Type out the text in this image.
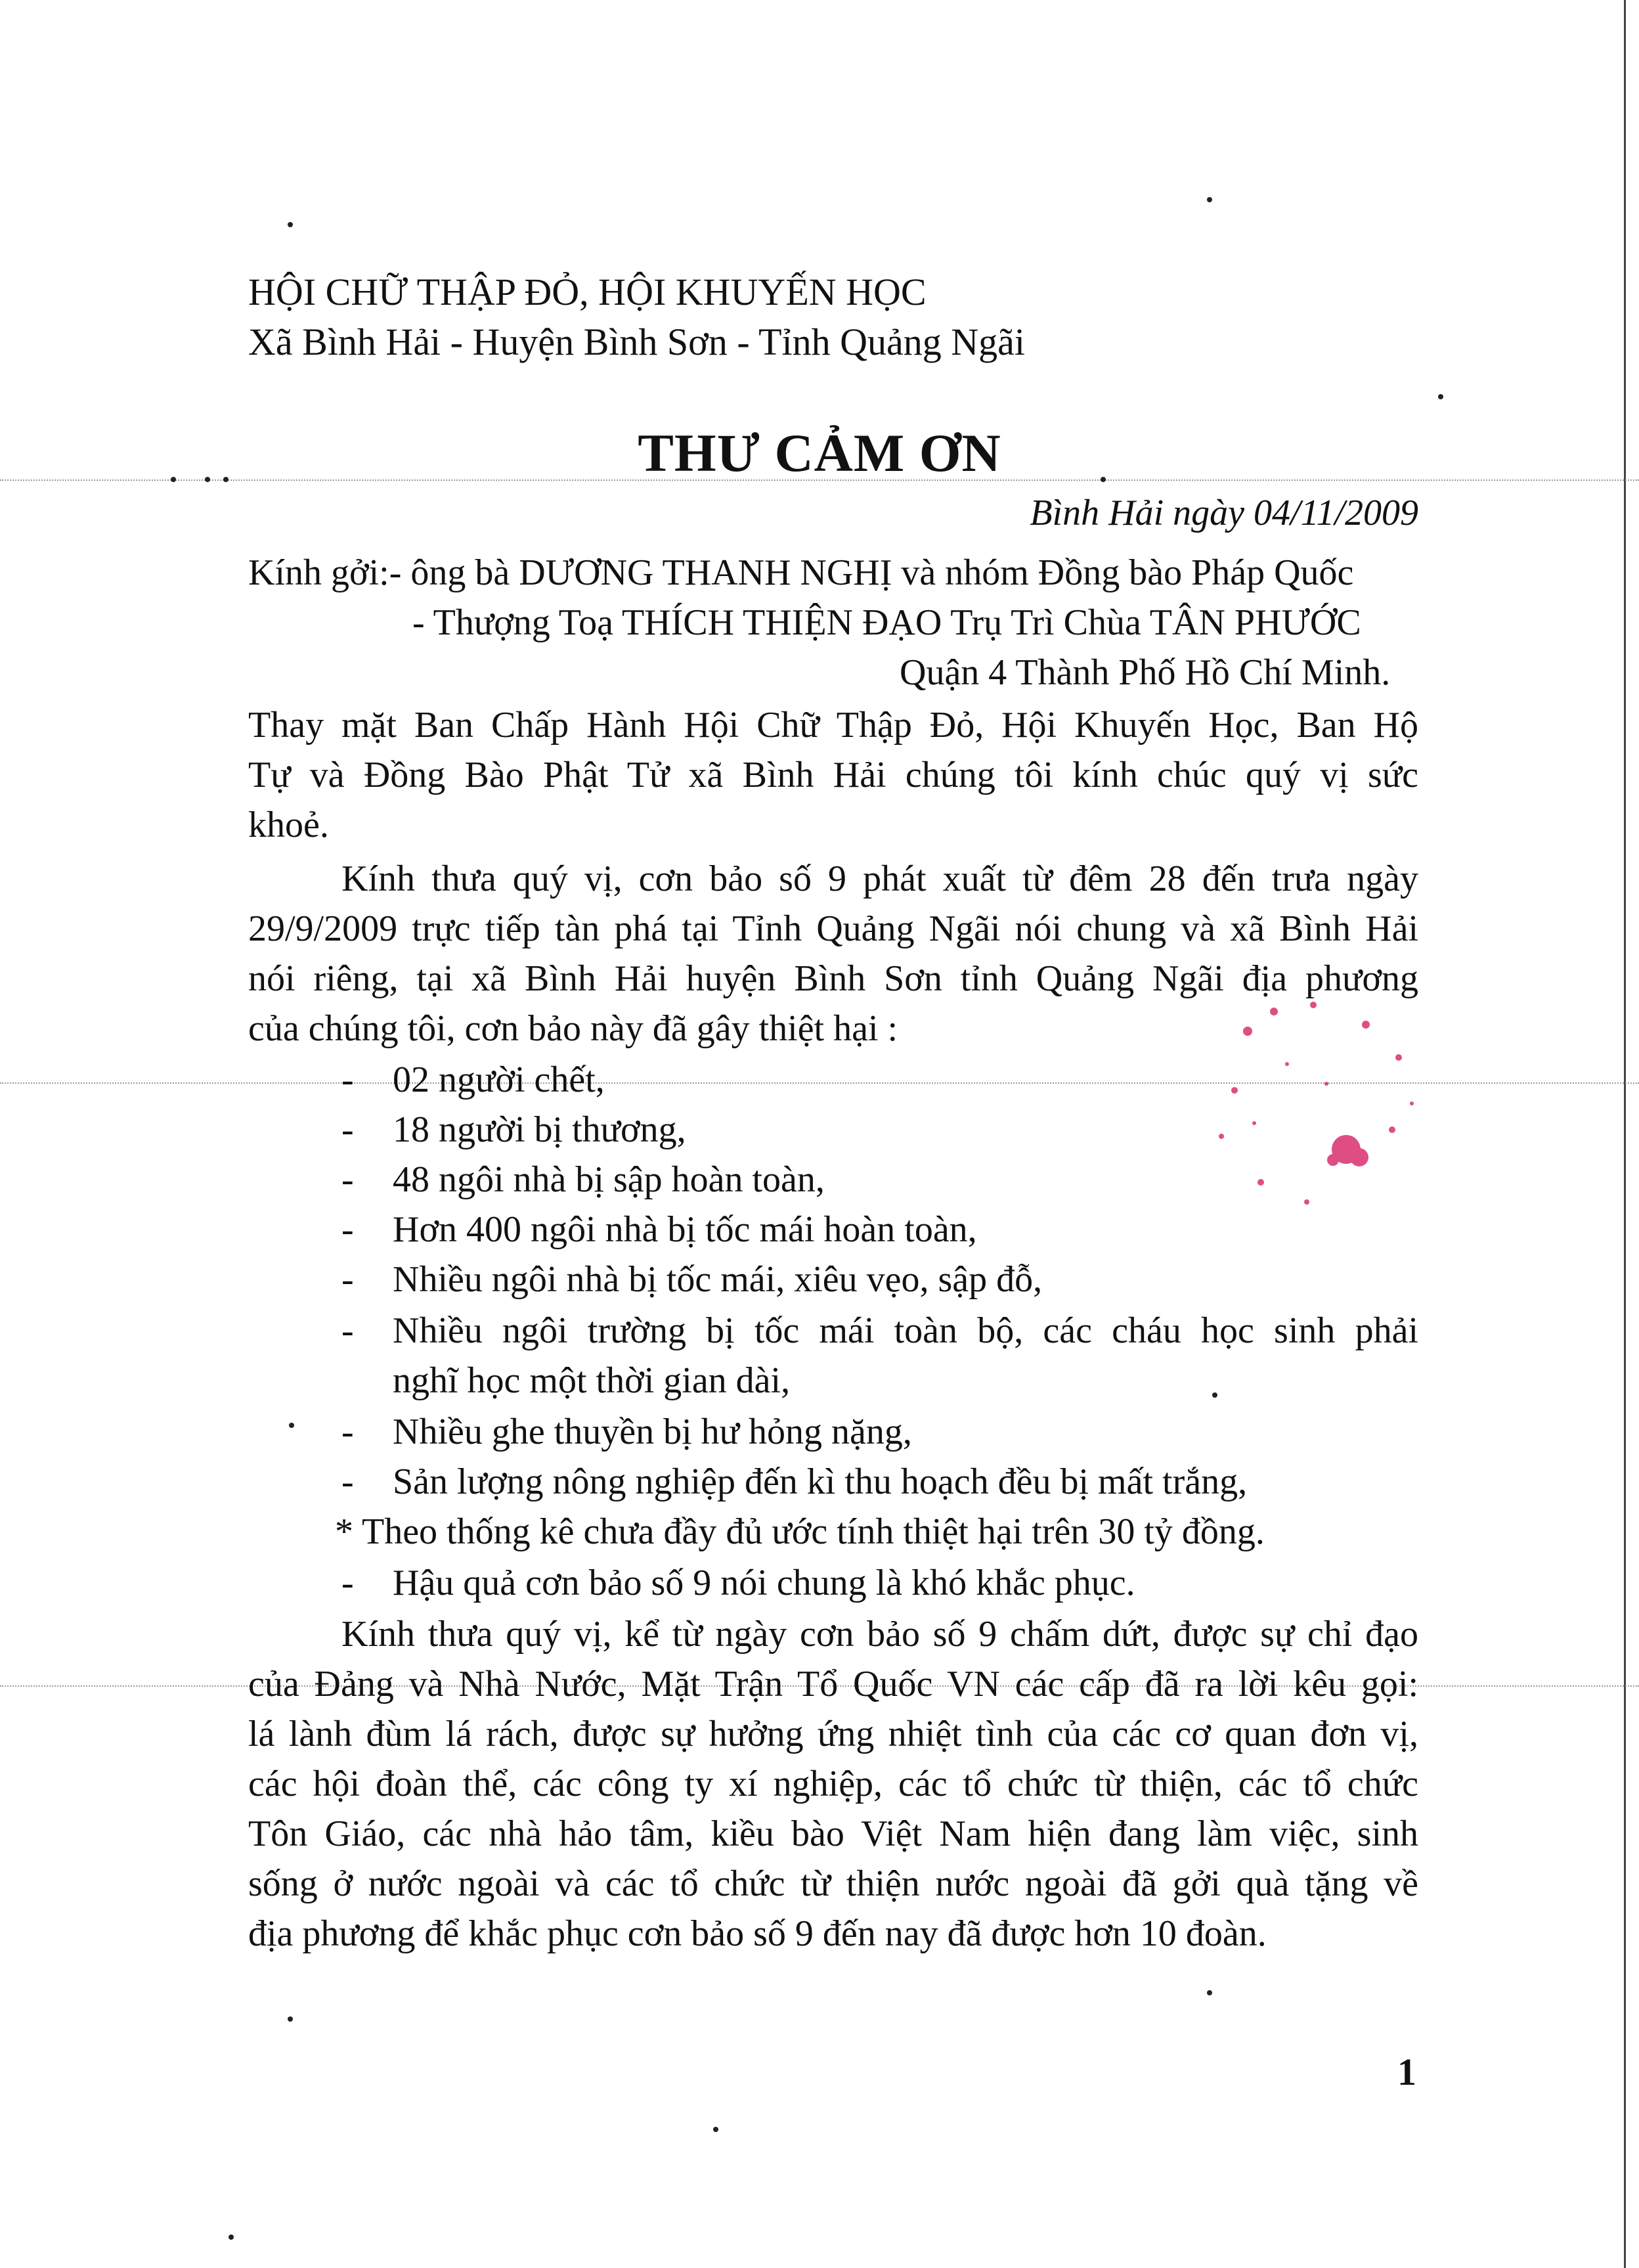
HỘI CHỮ THẬP ĐỎ, HỘI KHUYẾN HỌC
Xã Bình Hải - Huyện Bình Sơn - Tỉnh Quảng Ngãi
THƯ CẢM ƠN
Bình Hải ngày 04/11/2009
Kính gởi:- ông bà DƯƠNG THANH NGHỊ và nhóm Đồng bào Pháp Quốc
- Thượng Toạ THÍCH THIỆN ĐẠO Trụ Trì Chùa TÂN PHƯỚC
Quận 4 Thành Phố Hồ Chí Minh.
Thay mặt Ban Chấp Hành Hội Chữ Thập Đỏ, Hội Khuyến Học, Ban Hộ
Tự và Đồng Bào Phật Tử xã Bình Hải chúng tôi kính chúc quý vị sức
khoẻ.
Kính thưa quý vị, cơn bảo số 9 phát xuất từ đêm 28 đến trưa ngày
29/9/2009 trực tiếp tàn phá tại Tỉnh Quảng Ngãi nói chung và xã Bình Hải
nói riêng, tại xã Bình Hải huyện Bình Sơn tỉnh Quảng Ngãi địa phương
của chúng tôi, cơn bảo này đã gây thiệt hại :
- 02 người chết,
- 18 người bị thương,
- 48 ngôi nhà bị sập hoàn toàn,
- Hơn 400 ngôi nhà bị tốc mái hoàn toàn,
- Nhiều ngôi nhà bị tốc mái, xiêu vẹo, sập đỗ,
- Nhiều ngôi trường bị tốc mái toàn bộ, các cháu học sinh phải
nghĩ học một thời gian dài,
- Nhiều ghe thuyền bị hư hỏng nặng,
- Sản lượng nông nghiệp đến kì thu hoạch đều bị mất trắng,
* Theo thống kê chưa đầy đủ ước tính thiệt hại trên 30 tỷ đồng.
- Hậu quả cơn bảo số 9 nói chung là khó khắc phục.
Kính thưa quý vị, kể từ ngày cơn bảo số 9 chấm dứt, được sự chỉ đạo
của Đảng và Nhà Nước, Mặt Trận Tổ Quốc VN các cấp đã ra lời kêu gọi:
lá lành đùm lá rách, được sự hưởng ứng nhiệt tình của các cơ quan đơn vị,
các hội đoàn thể, các công ty xí nghiệp, các tổ chức từ thiện, các tổ chức
Tôn Giáo, các nhà hảo tâm, kiều bào Việt Nam hiện đang làm việc, sinh
sống ở nước ngoài và các tổ chức từ thiện nước ngoài đã gởi quà tặng về
địa phương để khắc phục cơn bảo số 9 đến nay đã được hơn 10 đoàn.
1
